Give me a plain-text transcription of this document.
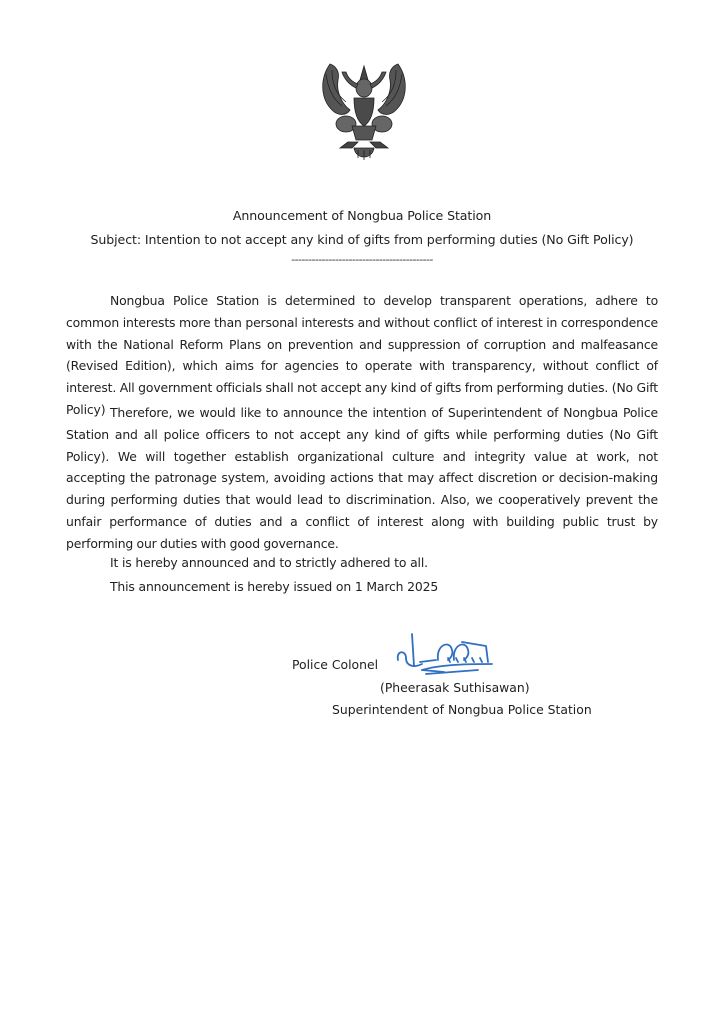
Announcement of Nongbua Police Station
Subject: Intention to not accept any kind of gifts from performing duties (No Gift Policy)
------------------------------------------

Nongbua Police Station is determined to develop transparent operations, adhere to common interests more than personal interests and without conflict of interest in correspondence with the National Reform Plans on prevention and suppression of corruption and malfeasance (Revised Edition), which aims for agencies to operate with transparency, without conflict of interest. All government officials shall not accept any kind of gifts from performing duties. (No Gift Policy) Therefore, we would like to announce the intention of Superintendent of Nongbua Police Station and all police officers to not accept any kind of gifts while performing duties (No Gift Policy). We will together establish organizational culture and integrity value at work, not accepting the patronage system, avoiding actions that may affect discretion or decision-making during performing duties that would lead to discrimination. Also, we cooperatively prevent the unfair performance of duties and a conflict of interest along with building public trust by performing our duties with good governance.

It is hereby announced and to strictly adhered to all.
This announcement is hereby issued on 1 March 2025
Police Colonel
(Pheerasak Suthisawan)
Superintendent of Nongbua Police Station
